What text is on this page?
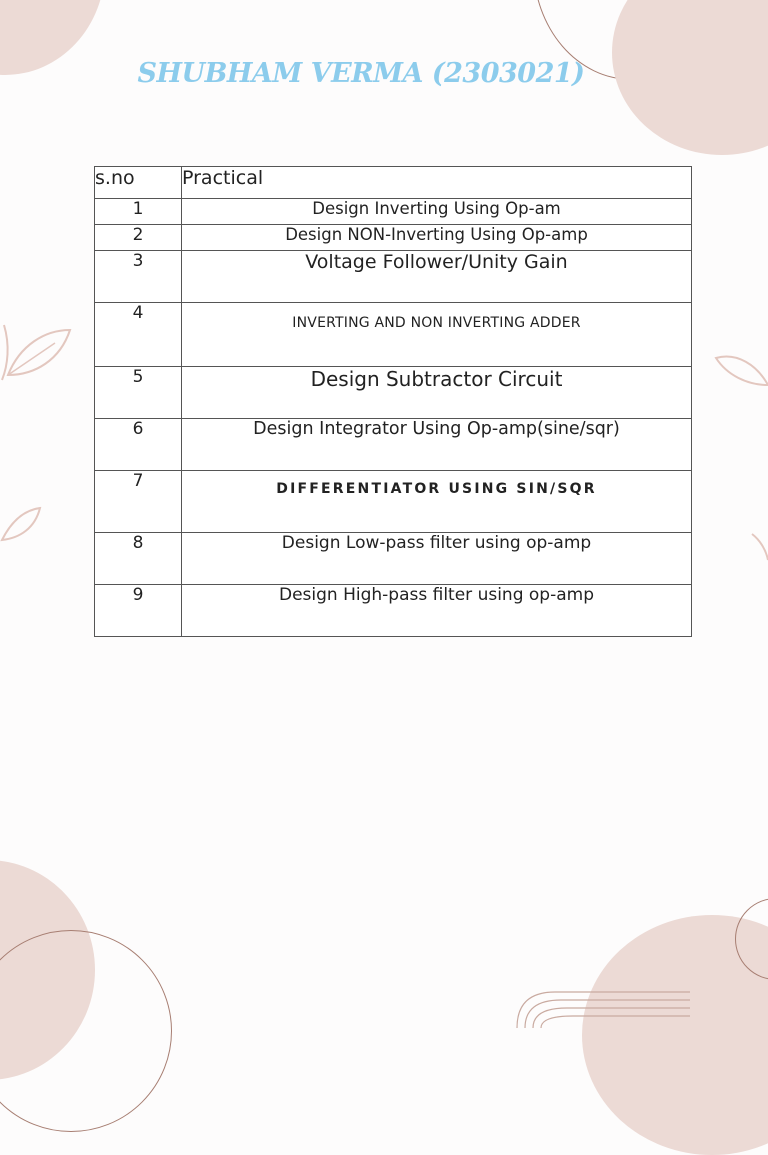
SHUBHAM VERMA (2303021)
s.no	Practical
1	Design Inverting Using Op-am
2	Design NON-Inverting Using Op-amp
3	Voltage Follower/Unity Gain
4	INVERTING AND NON INVERTING ADDER
5	Design Subtractor Circuit
6	Design Integrator Using Op-amp(sine/sqr)
7	DIFFERENTIATOR USING SIN/SQR
8	Design Low-pass filter using op-amp
9	Design High-pass filter using op-amp
